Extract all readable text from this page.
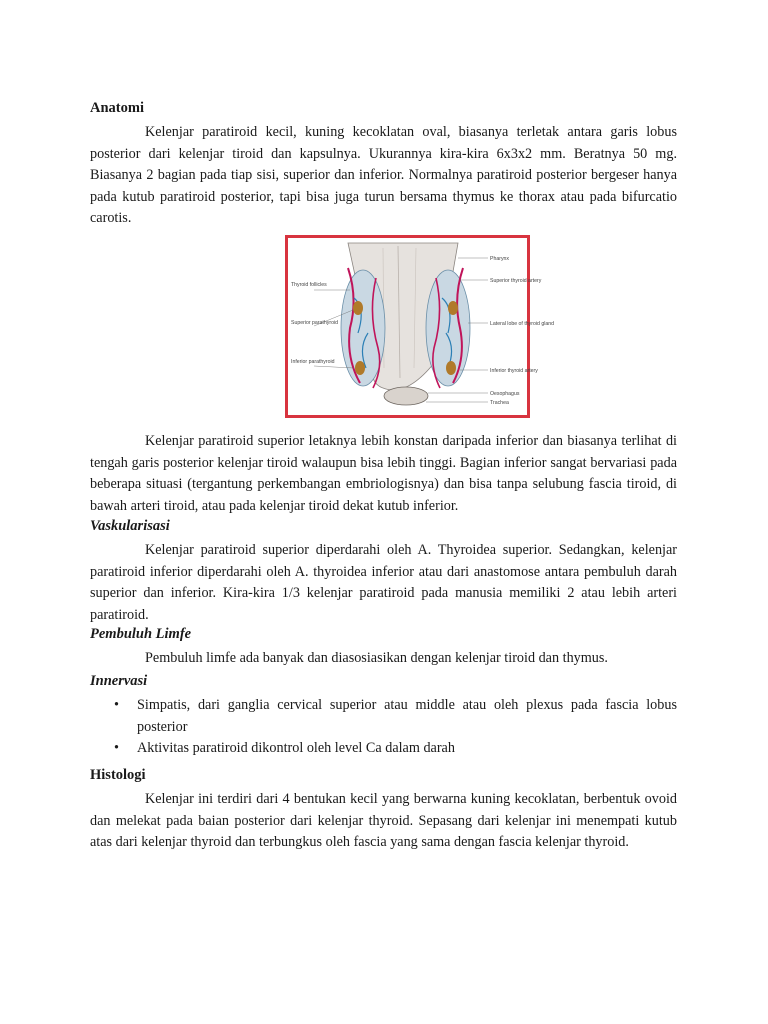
Anatomi

Kelenjar paratiroid kecil, kuning kecoklatan oval, biasanya terletak antara garis lobus posterior dari kelenjar tiroid dan kapsulnya. Ukurannya kira-kira 6x3x2 mm. Beratnya 50 mg. Biasanya 2 bagian pada tiap sisi, superior dan inferior. Normalnya paratiroid posterior bergeser hanya pada kutub paratiroid posterior, tapi bisa juga turun bersama thymus ke thorax atau pada bifurcatio carotis.

Thyroid follicles
Superior parathyroid
Inferior parathyroid
Pharynx
Superior thyroid artery
Lateral lobe of thyroid gland
Inferior thyroid artery
Oesophagus
Trachea

Kelenjar paratiroid superior letaknya lebih konstan daripada inferior dan biasanya terlihat di tengah garis posterior kelenjar tiroid walaupun bisa lebih tinggi. Bagian inferior sangat bervariasi pada beberapa situasi (tergantung perkembangan embriologisnya) dan bisa tanpa selubung fascia tiroid, di bawah arteri tiroid, atau pada kelenjar tiroid dekat kutub inferior.

Vaskularisasi

Kelenjar paratiroid superior diperdarahi oleh A. Thyroidea superior. Sedangkan, kelenjar paratiroid inferior diperdarahi oleh A. thyroidea inferior atau dari anastomose antara pembuluh darah superior dan inferior. Kira-kira 1/3 kelenjar paratiroid pada manusia memiliki 2 atau lebih arteri paratiroid.

Pembuluh Limfe

Pembuluh limfe ada banyak dan diasosiasikan dengan kelenjar tiroid dan thymus.

Innervasi
• Simpatis, dari ganglia cervical superior atau middle atau oleh plexus pada fascia lobus posterior
• Aktivitas paratiroid dikontrol oleh level Ca dalam darah
Histologi

Kelenjar ini terdiri dari 4 bentukan kecil yang berwarna kuning kecoklatan, berbentuk ovoid dan melekat pada baian posterior dari kelenjar thyroid. Sepasang dari kelenjar ini menempati kutub atas dari kelenjar thyroid dan terbungkus oleh fascia yang sama dengan fascia kelenjar thyroid.
